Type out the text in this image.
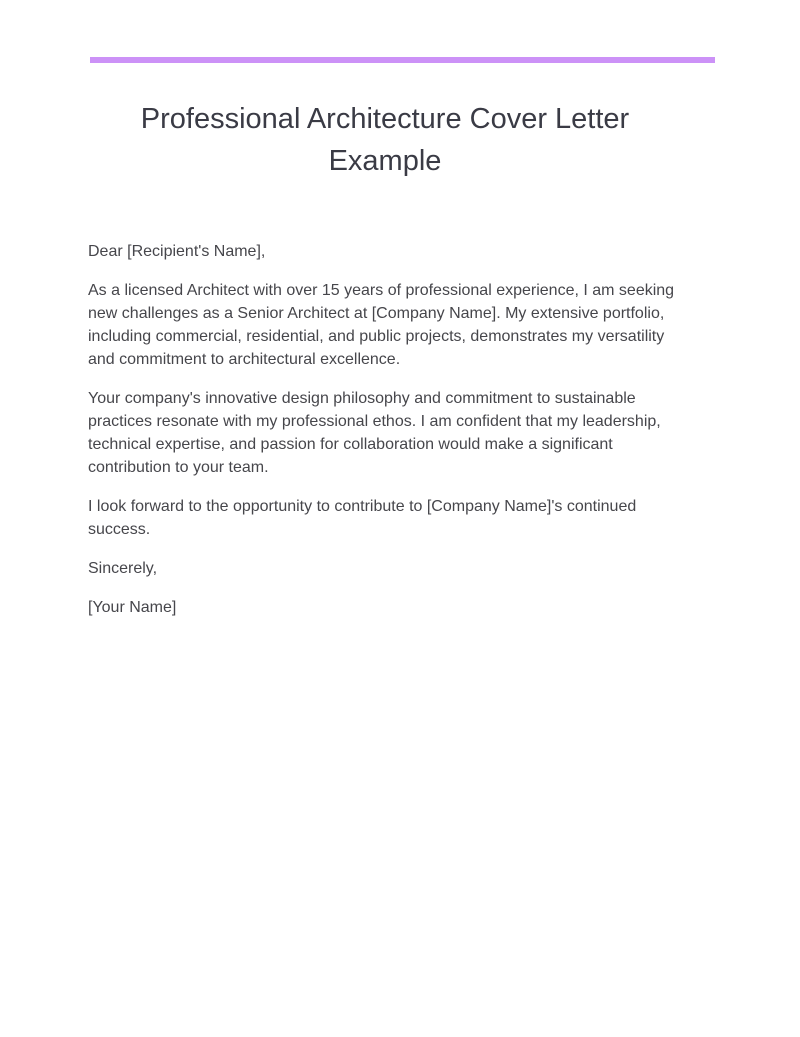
Professional Architecture Cover Letter Example

Dear [Recipient's Name],

As a licensed Architect with over 15 years of professional experience, I am seeking new challenges as a Senior Architect at [Company Name]. My extensive portfolio, including commercial, residential, and public projects, demonstrates my versatility and commitment to architectural excellence.

Your company's innovative design philosophy and commitment to sustainable practices resonate with my professional ethos. I am confident that my leadership, technical expertise, and passion for collaboration would make a significant contribution to your team.

I look forward to the opportunity to contribute to [Company Name]'s continued success.

Sincerely,

[Your Name]
